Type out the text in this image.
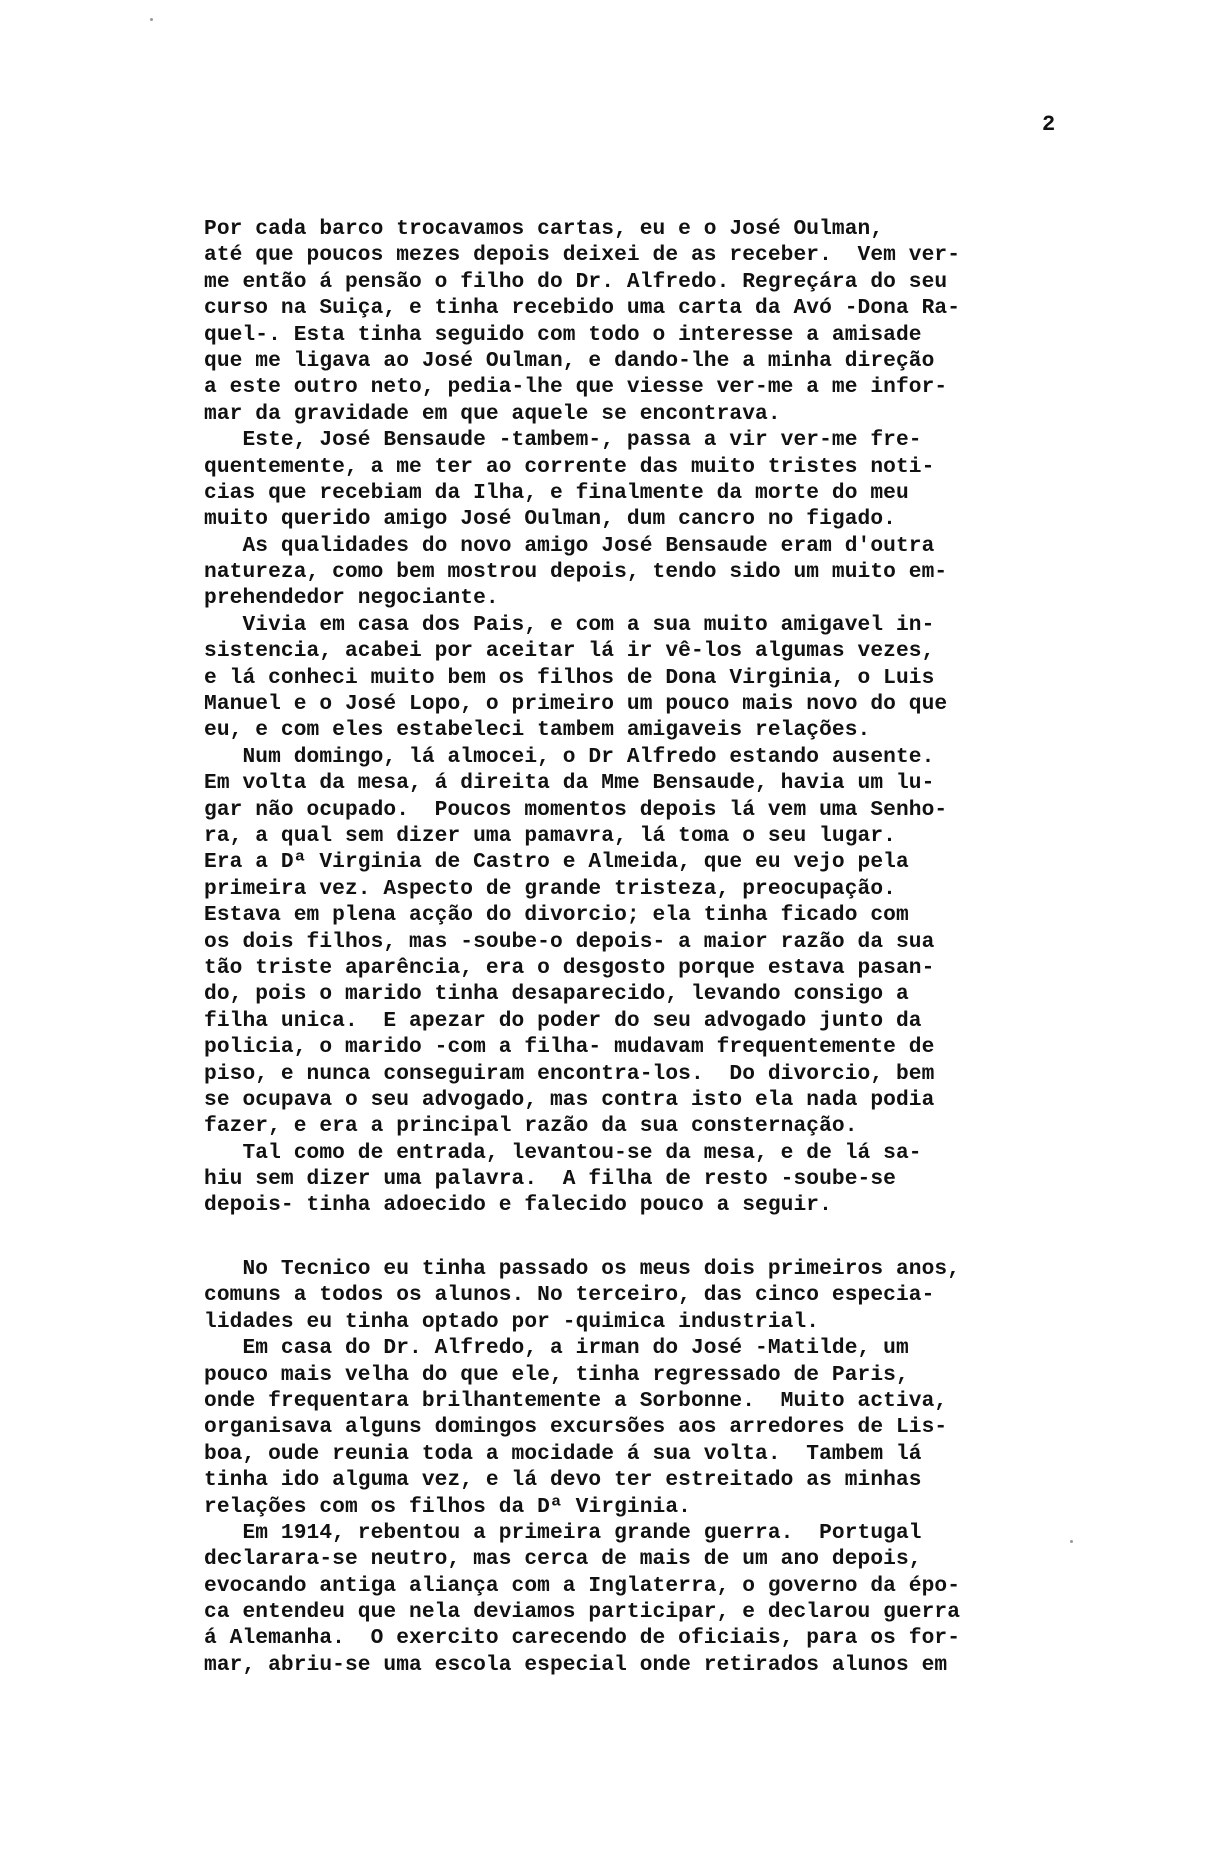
2
Por cada barco trocavamos cartas, eu e o José Oulman,
até que poucos mezes depois deixei de as receber.  Vem ver-
me então á pensão o filho do Dr. Alfredo. Regreçára do seu
curso na Suiça, e tinha recebido uma carta da Avó -Dona Ra-
quel-. Esta tinha seguido com todo o interesse a amisade
que me ligava ao José Oulman, e dando-lhe a minha direção
a este outro neto, pedia-lhe que viesse ver-me a me infor-
mar da gravidade em que aquele se encontrava.
Este, José Bensaude -tambem-, passa a vir ver-me fre-
quentemente, a me ter ao corrente das muito tristes noti-
cias que recebiam da Ilha, e finalmente da morte do meu
muito querido amigo José Oulman, dum cancro no figado.
As qualidades do novo amigo José Bensaude eram d'outra
natureza, como bem mostrou depois, tendo sido um muito em-
prehendedor negociante.
Vivia em casa dos Pais, e com a sua muito amigavel in-
sistencia, acabei por aceitar lá ir vê-los algumas vezes,
e lá conheci muito bem os filhos de Dona Virginia, o Luis
Manuel e o José Lopo, o primeiro um pouco mais novo do que
eu, e com eles estabeleci tambem amigaveis relações.
Num domingo, lá almocei, o Dr Alfredo estando ausente.
Em volta da mesa, á direita da Mme Bensaude, havia um lu-
gar não ocupado.  Poucos momentos depois lá vem uma Senho-
ra, a qual sem dizer uma pamavra, lá toma o seu lugar.
Era a Dª Virginia de Castro e Almeida, que eu vejo pela
primeira vez. Aspecto de grande tristeza, preocupação.
Estava em plena acção do divorcio; ela tinha ficado com
os dois filhos, mas -soube-o depois- a maior razão da sua
tão triste aparência, era o desgosto porque estava pasan-
do, pois o marido tinha desaparecido, levando consigo a
filha unica.  E apezar do poder do seu advogado junto da
policia, o marido -com a filha- mudavam frequentemente de
piso, e nunca conseguiram encontra-los.  Do divorcio, bem
se ocupava o seu advogado, mas contra isto ela nada podia
fazer, e era a principal razão da sua consternação.
Tal como de entrada, levantou-se da mesa, e de lá sa-
hiu sem dizer uma palavra.  A filha de resto -soube-se
depois- tinha adoecido e falecido pouco a seguir.
No Tecnico eu tinha passado os meus dois primeiros anos,
comuns a todos os alunos. No terceiro, das cinco especia-
lidades eu tinha optado por -quimica industrial.
Em casa do Dr. Alfredo, a irman do José -Matilde, um
pouco mais velha do que ele, tinha regressado de Paris,
onde frequentara brilhantemente a Sorbonne.  Muito activa,
organisava alguns domingos excursões aos arredores de Lis-
boa, oude reunia toda a mocidade á sua volta.  Tambem lá
tinha ido alguma vez, e lá devo ter estreitado as minhas
relações com os filhos da Dª Virginia.
Em 1914, rebentou a primeira grande guerra.  Portugal
declarara-se neutro, mas cerca de mais de um ano depois,
evocando antiga aliança com a Inglaterra, o governo da épo-
ca entendeu que nela deviamos participar, e declarou guerra
á Alemanha.  O exercito carecendo de oficiais, para os for-
mar, abriu-se uma escola especial onde retirados alunos em
